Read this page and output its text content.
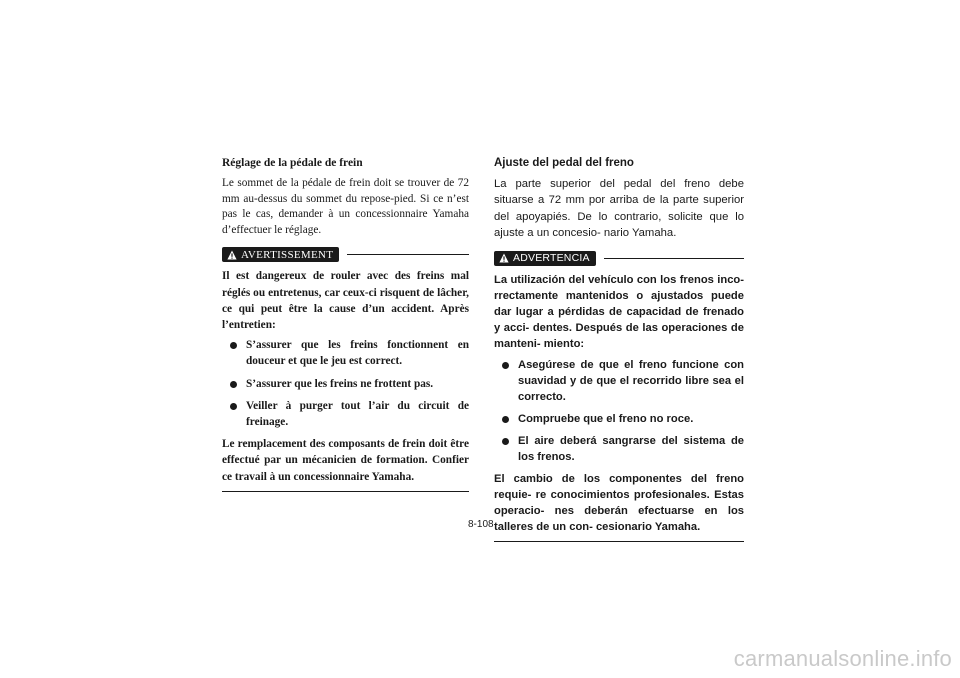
Réglage de la pédale de frein

Le sommet de la pédale de frein doit se trouver de 72 mm au-dessus du sommet du repose-pied. Si ce n’est pas le cas, demander à un concessionnaire Yamaha d’effectuer le réglage.

AVERTISSEMENT

Il est dangereux de rouler avec des freins mal réglés ou entretenus, car ceux-ci risquent de lâcher, ce qui peut être la cause d’un accident. Après l’entretien:

S’assurer que les freins fonctionnent en douceur et que le jeu est correct.
S’assurer que les freins ne frottent pas.
Veiller à purger tout l’air du circuit de freinage.

Le remplacement des composants de frein doit être effectué par un mécanicien de formation. Confier ce travail à un concessionnaire Yamaha.

Ajuste del pedal del freno

La parte superior del pedal del freno debe situarse a 72 mm por arriba de la parte superior del apoyapiés. De lo contrario, solicite que lo ajuste a un concesio- nario Yamaha.

ADVERTENCIA

La utilización del vehículo con los frenos inco- rrectamente mantenidos o ajustados puede dar lugar a pérdidas de capacidad de frenado y acci- dentes. Después de las operaciones de manteni- miento:

Asegúrese de que el freno funcione con suavidad y de que el recorrido libre sea el correcto.
Compruebe que el freno no roce.
El aire deberá sangrarse del sistema de los frenos.

El cambio de los componentes del freno requie- re conocimientos profesionales. Estas operacio- nes deberán efectuarse en los talleres de un con- cesionario Yamaha.

8-108
carmanualsonline.info
